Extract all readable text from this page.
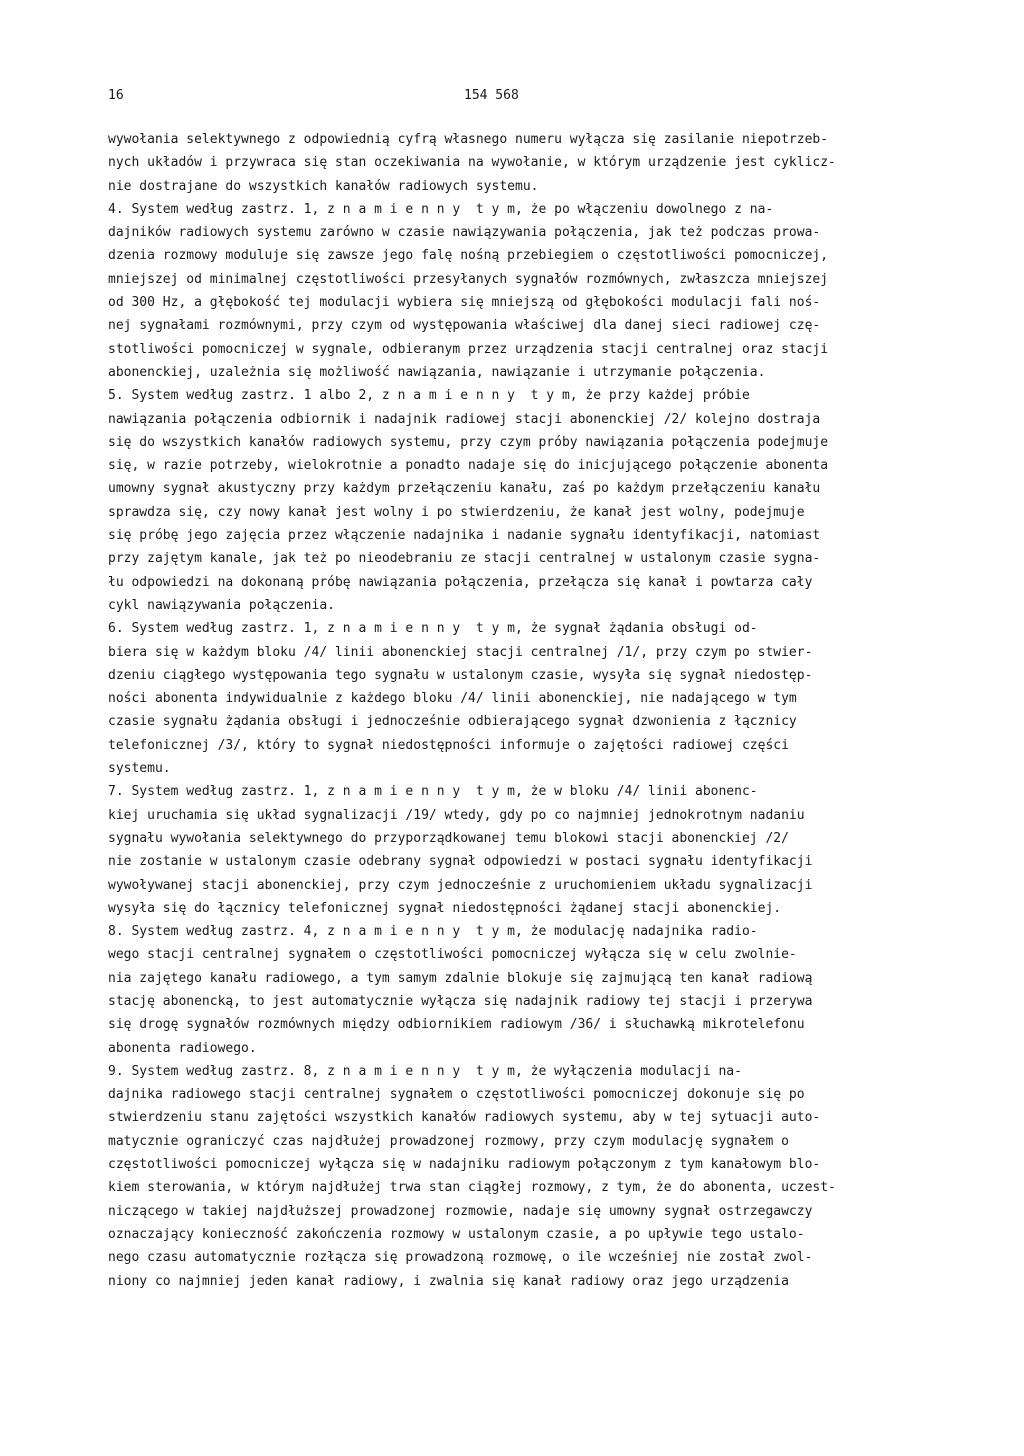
16	154 568
wywołania selektywnego z odpowiednią cyfrą własnego numeru wyłącza się zasilanie niepotrzeb-
nych układów i przywraca się stan oczekiwania na wywołanie, w którym urządzenie jest cyklicz-
nie dostrajane do wszystkich kanałów radiowych systemu.
4. System według zastrz. 1, z n a m i e n n y  t y m, że po włączeniu dowolnego z na-
dajników radiowych systemu zarówno w czasie nawiązywania połączenia, jak też podczas prowa-
dzenia rozmowy moduluje się zawsze jego falę nośną przebiegiem o częstotliwości pomocniczej,
mniejszej od minimalnej częstotliwości przesyłanych sygnałów rozmównych, zwłaszcza mniejszej
od 300 Hz, a głębokość tej modulacji wybiera się mniejszą od głębokości modulacji fali noś-
nej sygnałami rozmównymi, przy czym od występowania właściwej dla danej sieci radiowej czę-
stotliwości pomocniczej w sygnale, odbieranym przez urządzenia stacji centralnej oraz stacji
abonenckiej, uzależnia się możliwość nawiązania, nawiązanie i utrzymanie połączenia.
5. System według zastrz. 1 albo 2, z n a m i e n n y  t y m, że przy każdej próbie
nawiązania połączenia odbiornik i nadajnik radiowej stacji abonenckiej /2/ kolejno dostraja
się do wszystkich kanałów radiowych systemu, przy czym próby nawiązania połączenia podejmuje
się, w razie potrzeby, wielokrotnie a ponadto nadaje się do inicjującego połączenie abonenta
umowny sygnał akustyczny przy każdym przełączeniu kanału, zaś po każdym przełączeniu kanału
sprawdza się, czy nowy kanał jest wolny i po stwierdzeniu, że kanał jest wolny, podejmuje
się próbę jego zajęcia przez włączenie nadajnika i nadanie sygnału identyfikacji, natomiast
przy zajętym kanale, jak też po nieodebraniu ze stacji centralnej w ustalonym czasie sygna-
łu odpowiedzi na dokonaną próbę nawiązania połączenia, przełącza się kanał i powtarza cały
cykl nawiązywania połączenia.
6. System według zastrz. 1, z n a m i e n n y  t y m, że sygnał żądania obsługi od-
biera się w każdym bloku /4/ linii abonenckiej stacji centralnej /1/, przy czym po stwier-
dzeniu ciągłego występowania tego sygnału w ustalonym czasie, wysyła się sygnał niedostęp-
ności abonenta indywidualnie z każdego bloku /4/ linii abonenckiej, nie nadającego w tym
czasie sygnału żądania obsługi i jednocześnie odbierającego sygnał dzwonienia z łącznicy
telefonicznej /3/, który to sygnał niedostępności informuje o zajętości radiowej części
systemu.
7. System według zastrz. 1, z n a m i e n n y  t y m, że w bloku /4/ linii abonenc-
kiej uruchamia się układ sygnalizacji /19/ wtedy, gdy po co najmniej jednokrotnym nadaniu
sygnału wywołania selektywnego do przyporządkowanej temu blokowi stacji abonenckiej /2/
nie zostanie w ustalonym czasie odebrany sygnał odpowiedzi w postaci sygnału identyfikacji
wywoływanej stacji abonenckiej, przy czym jednocześnie z uruchomieniem układu sygnalizacji
wysyła się do łącznicy telefonicznej sygnał niedostępności żądanej stacji abonenckiej.
8. System według zastrz. 4, z n a m i e n n y  t y m, że modulację nadajnika radio-
wego stacji centralnej sygnałem o częstotliwości pomocniczej wyłącza się w celu zwolnie-
nia zajętego kanału radiowego, a tym samym zdalnie blokuje się zajmującą ten kanał radiową
stację abonencką, to jest automatycznie wyłącza się nadajnik radiowy tej stacji i przerywa
się drogę sygnałów rozmównych między odbiornikiem radiowym /36/ i słuchawką mikrotelefonu
abonenta radiowego.
9. System według zastrz. 8, z n a m i e n n y  t y m, że wyłączenia modulacji na-
dajnika radiowego stacji centralnej sygnałem o częstotliwości pomocniczej dokonuje się po
stwierdzeniu stanu zajętości wszystkich kanałów radiowych systemu, aby w tej sytuacji auto-
matycznie ograniczyć czas najdłużej prowadzonej rozmowy, przy czym modulację sygnałem o
częstotliwości pomocniczej wyłącza się w nadajniku radiowym połączonym z tym kanałowym blo-
kiem sterowania, w którym najdłużej trwa stan ciągłej rozmowy, z tym, że do abonenta, uczest-
niczącego w takiej najdłuższej prowadzonej rozmowie, nadaje się umowny sygnał ostrzegawczy
oznaczający konieczność zakończenia rozmowy w ustalonym czasie, a po upływie tego ustalo-
nego czasu automatycznie rozłącza się prowadzoną rozmowę, o ile wcześniej nie został zwol-
niony co najmniej jeden kanał radiowy, i zwalnia się kanał radiowy oraz jego urządzenia
